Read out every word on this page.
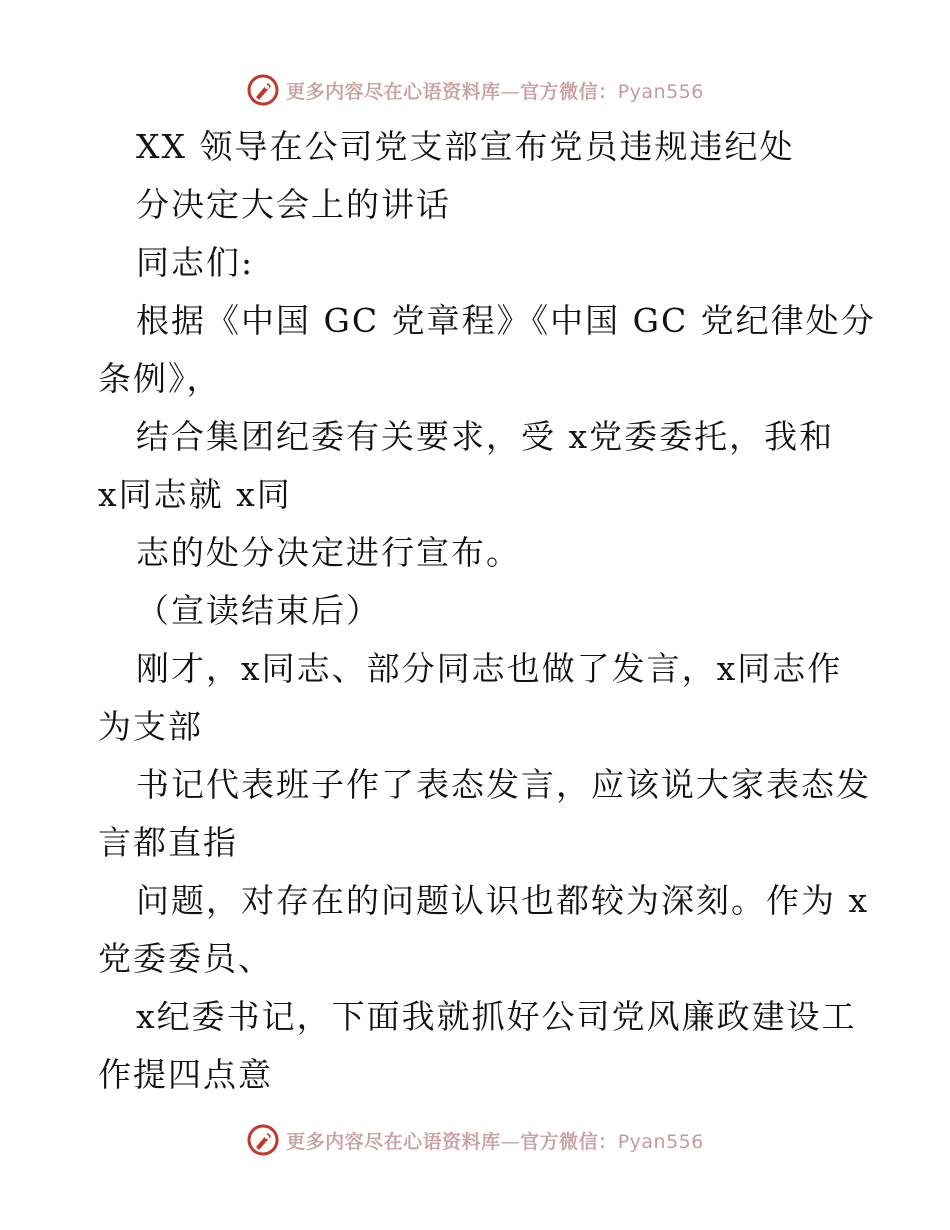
更多内容尽在心语资料库—官方微信：Pyan556

XX 领导在公司党支部宣布党员违规违纪处

分决定大会上的讲话

同志们:

根据《中国 GC 党章程》《中国 GC 党纪律处分

条例》，

结合集团纪委有关要求，受 x党委委托，我和

x同志就 x同

志的处分决定进行宣布。

（宣读结束后）

刚才，x同志、部分同志也做了发言，x同志作

为支部

书记代表班子作了表态发言，应该说大家表态发

言都直指

问题，对存在的问题认识也都较为深刻。作为 x

党委委员、

x纪委书记，下面我就抓好公司党风廉政建设工

作提四点意

更多内容尽在心语资料库—官方微信：Pyan556
